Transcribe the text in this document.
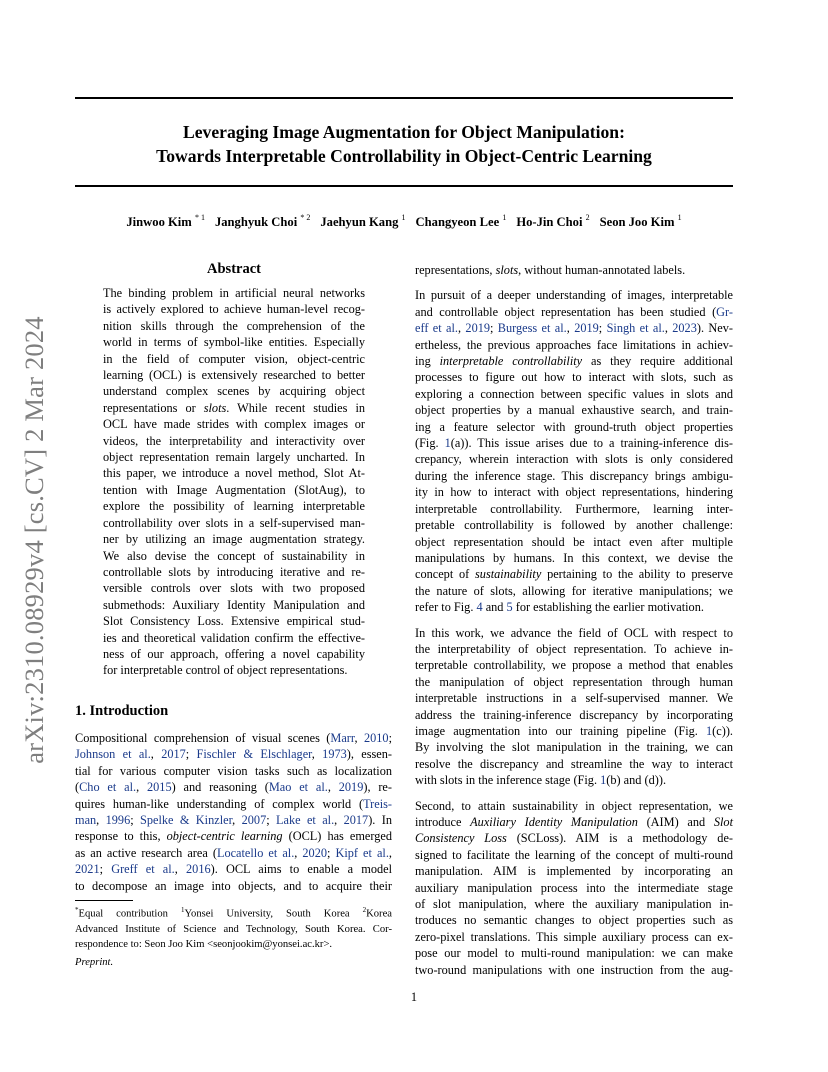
arXiv:2310.08929v4 [cs.CV] 2 Mar 2024
Leveraging Image Augmentation for Object Manipulation:
Towards Interpretable Controllability in Object-Centric Learning
Jinwoo Kim $^{* 1}$ Janghyuk Choi $^{* 2}$ Jaehyun Kang $^1$ Changyeon Lee $^1$ Ho-Jin Choi $^2$ Seon Joo Kim $^1$
Abstract
The binding problem in artificial neural networks
is actively explored to achieve human-level recog-
nition skills through the comprehension of the
world in terms of symbol-like entities. Especially
in the field of computer vision, object-centric
learning (OCL) is extensively researched to better
understand complex scenes by acquiring object
representations or slots. While recent studies in
OCL have made strides with complex images or
videos, the interpretability and interactivity over
object representation remain largely uncharted. In
this paper, we introduce a novel method, Slot At-
tention with Image Augmentation (SlotAug), to
explore the possibility of learning interpretable
controllability over slots in a self-supervised man-
ner by utilizing an image augmentation strategy.
We also devise the concept of sustainability in
controllable slots by introducing iterative and re-
versible controls over slots with two proposed
submethods: Auxiliary Identity Manipulation and
Slot Consistency Loss. Extensive empirical stud-
ies and theoretical validation confirm the effective-
ness of our approach, offering a novel capability
for interpretable control of object representations.
1. Introduction
Compositional comprehension of visual scenes (Marr, 2010;
Johnson et al., 2017; Fischler & Elschlager, 1973), essen-
tial for various computer vision tasks such as localization
(Cho et al., 2015) and reasoning (Mao et al., 2019), re-
quires human-like understanding of complex world (Treis-
man, 1996; Spelke & Kinzler, 2007; Lake et al., 2017). In
response to this, object-centric learning (OCL) has emerged
as an active research area (Locatello et al., 2020; Kipf et al.,
2021; Greff et al., 2016). OCL aims to enable a model
to decompose an image into objects, and to acquire their
*Equal contribution $^1$Yonsei University, South Korea $^2$Korea
Advanced Institute of Science and Technology, South Korea. Cor-
respondence to: Seon Joo Kim <seonjookim@yonsei.ac.kr>.
Preprint.
representations, slots, without human-annotated labels.
In pursuit of a deeper understanding of images, interpretable
and controllable object representation has been studied (Gr-
eff et al., 2019; Burgess et al., 2019; Singh et al., 2023). Nev-
ertheless, the previous approaches face limitations in achiev-
ing interpretable controllability as they require additional
processes to figure out how to interact with slots, such as
exploring a connection between specific values in slots and
object properties by a manual exhaustive search, and train-
ing a feature selector with ground-truth object properties
(Fig. 1(a)). This issue arises due to a training-inference dis-
crepancy, wherein interaction with slots is only considered
during the inference stage. This discrepancy brings ambigu-
ity in how to interact with object representations, hindering
interpretable controllability. Furthermore, learning inter-
pretable controllability is followed by another challenge:
object representation should be intact even after multiple
manipulations by humans. In this context, we devise the
concept of sustainability pertaining to the ability to preserve
the nature of slots, allowing for iterative manipulations; we
refer to Fig. 4 and 5 for establishing the earlier motivation.
In this work, we advance the field of OCL with respect to
the interpretability of object representation. To achieve in-
terpretable controllability, we propose a method that enables
the manipulation of object representation through human
interpretable instructions in a self-supervised manner. We
address the training-inference discrepancy by incorporating
image augmentation into our training pipeline (Fig. 1(c)).
By involving the slot manipulation in the training, we can
resolve the discrepancy and streamline the way to interact
with slots in the inference stage (Fig. 1(b) and (d)).
Second, to attain sustainability in object representation, we
introduce Auxiliary Identity Manipulation (AIM) and Slot
Consistency Loss (SCLoss). AIM is a methodology de-
signed to facilitate the learning of the concept of multi-round
manipulation. AIM is implemented by incorporating an
auxiliary manipulation process into the intermediate stage
of slot manipulation, where the auxiliary manipulation in-
troduces no semantic changes to object properties such as
zero-pixel translations. This simple auxiliary process can ex-
pose our model to multi-round manipulation: we can make
two-round manipulations with one instruction from the aug-
1
